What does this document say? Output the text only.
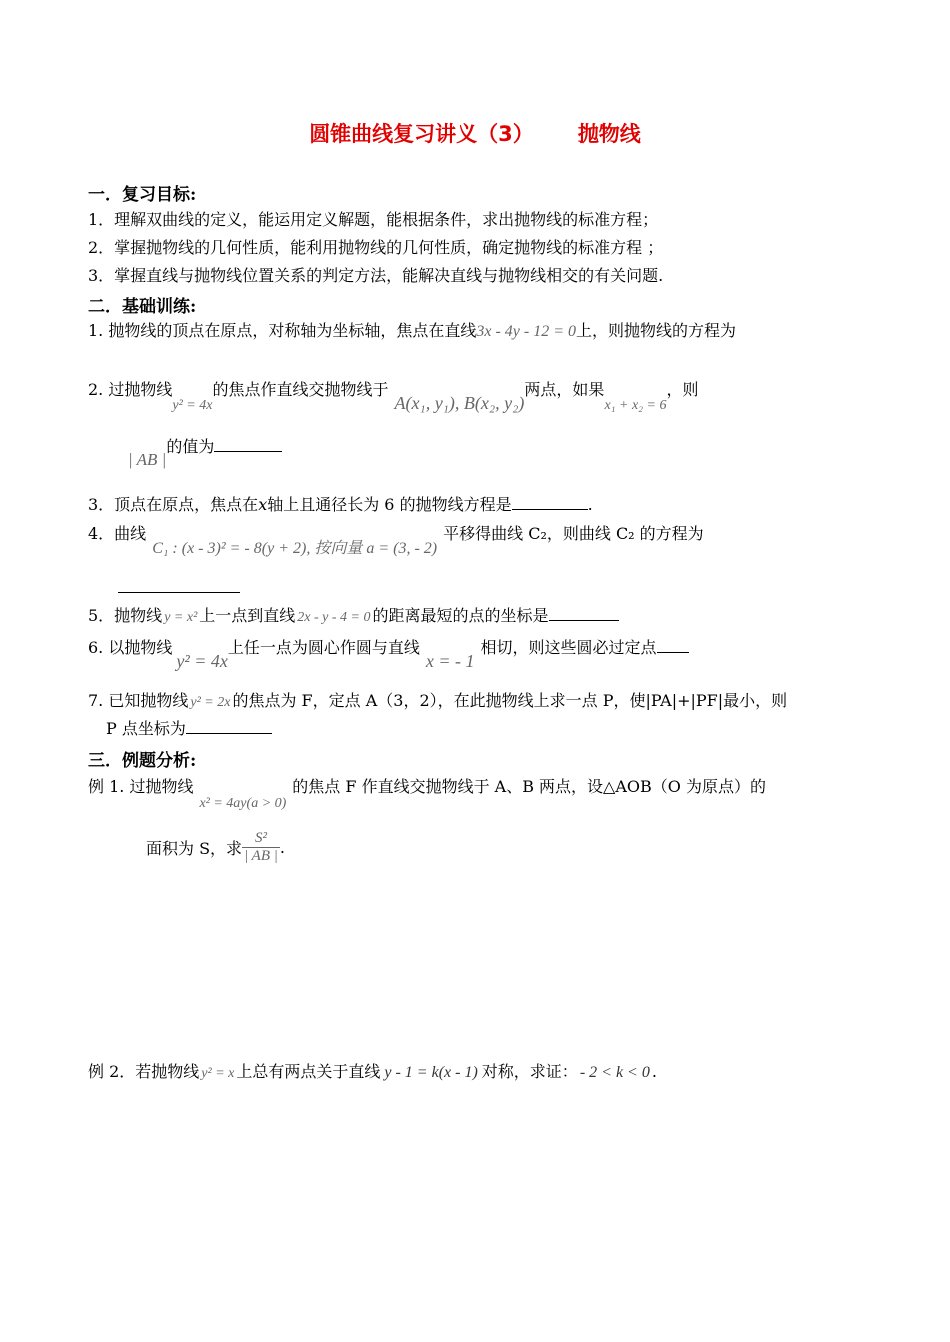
圆锥曲线复习讲义（3） 抛物线
一．复习目标:
1．理解双曲线的定义，能运用定义解题，能根据条件，求出抛物线的标准方程；
2．掌握抛物线的几何性质，能利用抛物线的几何性质，确定抛物线的标准方程 ；
3．掌握直线与抛物线位置关系的判定方法，能解决直线与抛物线相交的有关问题.
二．基础训练:
1. 抛物线的顶点在原点，对称轴为坐标轴，焦点在直线3x - 4y - 12 = 0上，则抛物线的方程为
2. 过抛物线y² = 4x的焦点作直线交抛物线于A(x₁, y₁), B(x₂, y₂)两点，如果x₁ + x₂ = 6，则
| AB |的值为
3．顶点在原点，焦点在x轴上且通径长为 6 的抛物线方程是	.
4．曲线C₁ : (x - 3)² = - 8(y + 2), 按向量 a = (3, - 2)平移得曲线 C₂，则曲线 C₂ 的方程为
5．抛物线 y = x² 上一点到直线 2x - y - 4 = 0 的距离最短的点的坐标是
6. 以抛物线y² = 4x上任一点为圆心作圆与直线x = - 1相切，则这些圆必过定点
7. 已知抛物线 y² = 2x 的焦点为 F，定点 A（3，2），在此抛物线上求一点 P，使|PA|+|PF|最小，则
P 点坐标为
三．例题分析:
例 1. 过抛物线x² = 4ay(a > 0)的焦点 F 作直线交抛物线于 A、B 两点，设△AOB（O 为原点）的
面积为 S，求 $\frac{\text{S²}}{| AB |}$ .
例 2．若抛物线 y² = x 上总有两点关于直线 y - 1 = k(x - 1) 对称，求证： - 2 < k < 0 .
